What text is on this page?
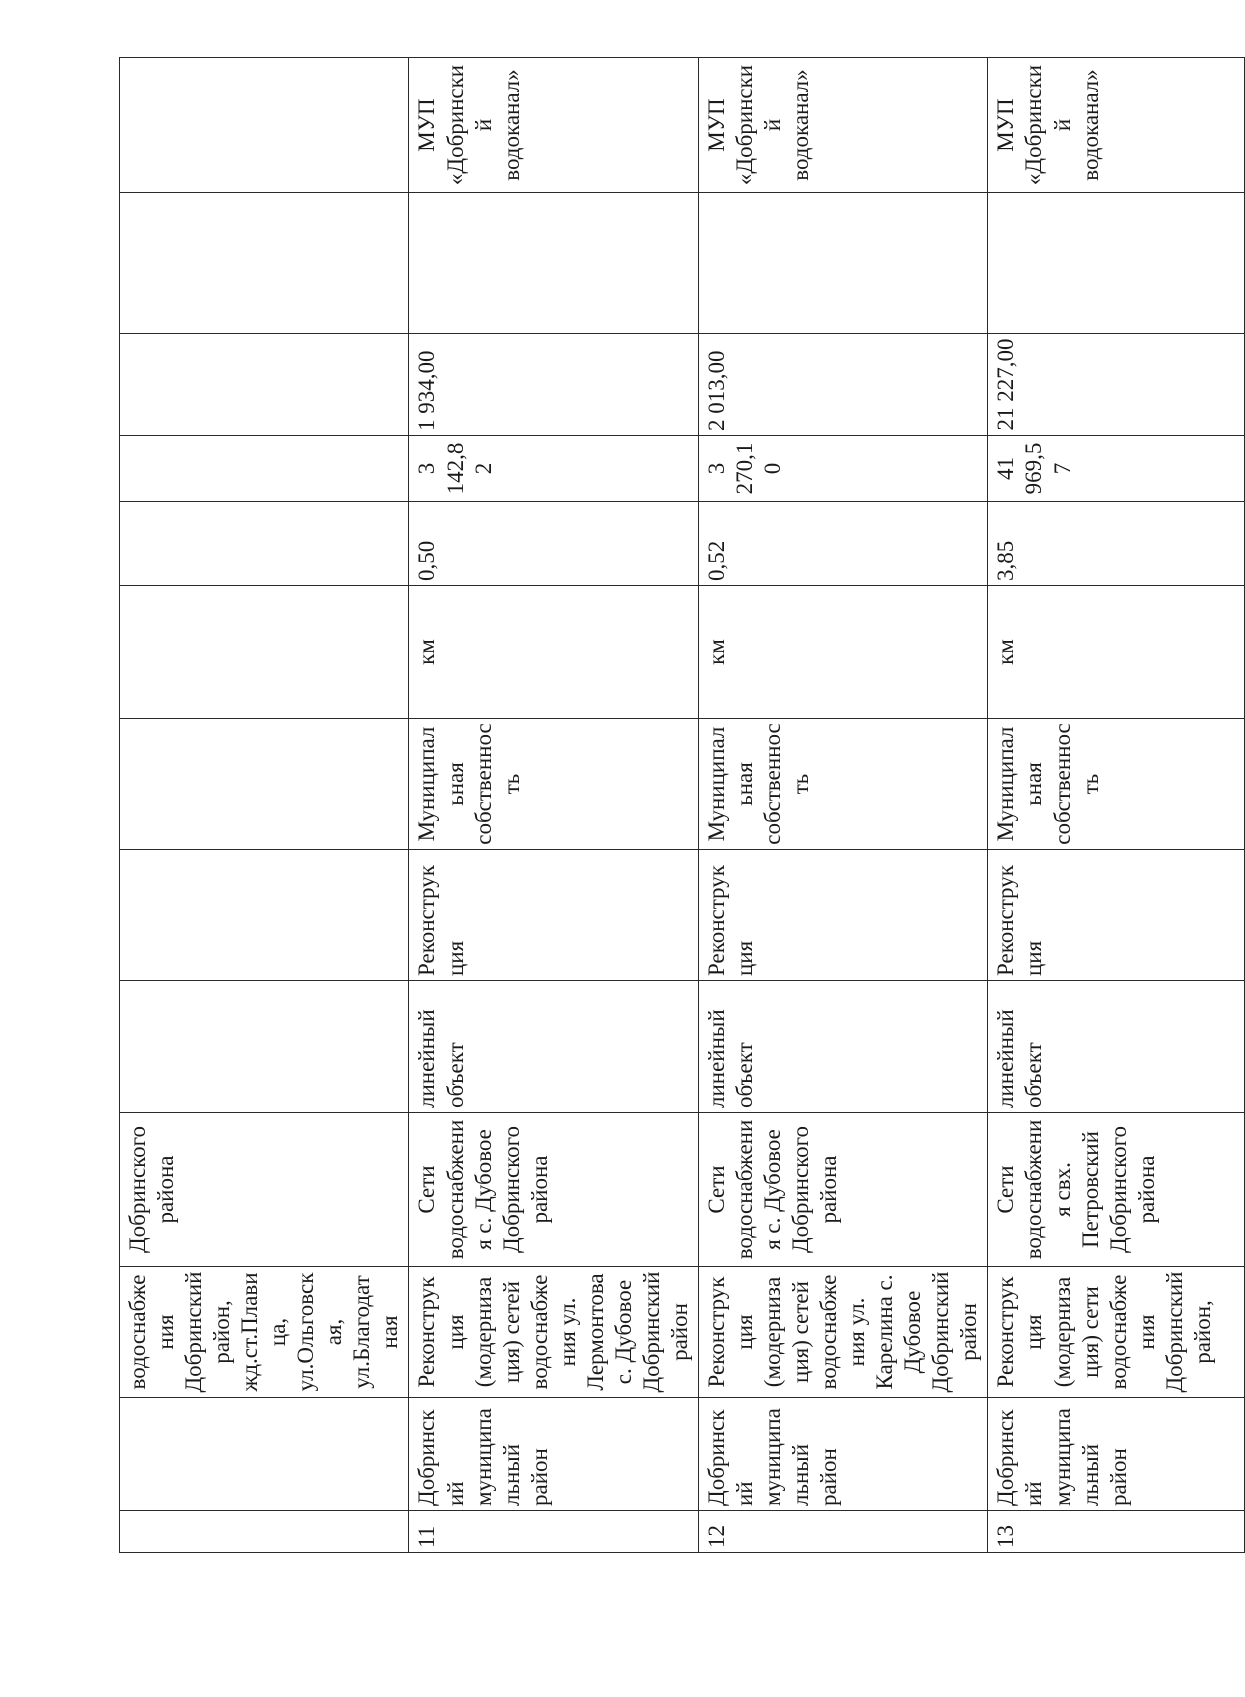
		водоснабжения Добринский район, жд.ст.Плавица, ул.Ольговская, ул.Благодатная	Добринского района									
11	Добринский муниципальный район	Реконструкция (модернизация) сетей водоснабжения ул. Лермонтова с. Дубовое Добринский район	Сети водоснабжения с. Дубовое Добринского района	линейный объект	Реконструкция	Муниципальная собственность	км	0,50	3 142,82	1 934,00		МУП «Добринский водоканал»
12	Добринский муниципальный район	Реконструкция (модернизация) сетей водоснабжения ул. Карелина с. Дубовое Добринский район	Сети водоснабжения с. Дубовое Добринского района	линейный объект	Реконструкция	Муниципальная собственность	км	0,52	3 270,10	2 013,00		МУП «Добринский водоканал»
13	Добринский муниципальный район	Реконструкция (модернизация) сети водоснабжения Добринский район,	Сети водоснабжения свх. Петровский Добринского района	линейный объект	Реконструкция	Муниципальная собственность	км	3,85	41 969,57	21 227,00		МУП «Добринский водоканал»
